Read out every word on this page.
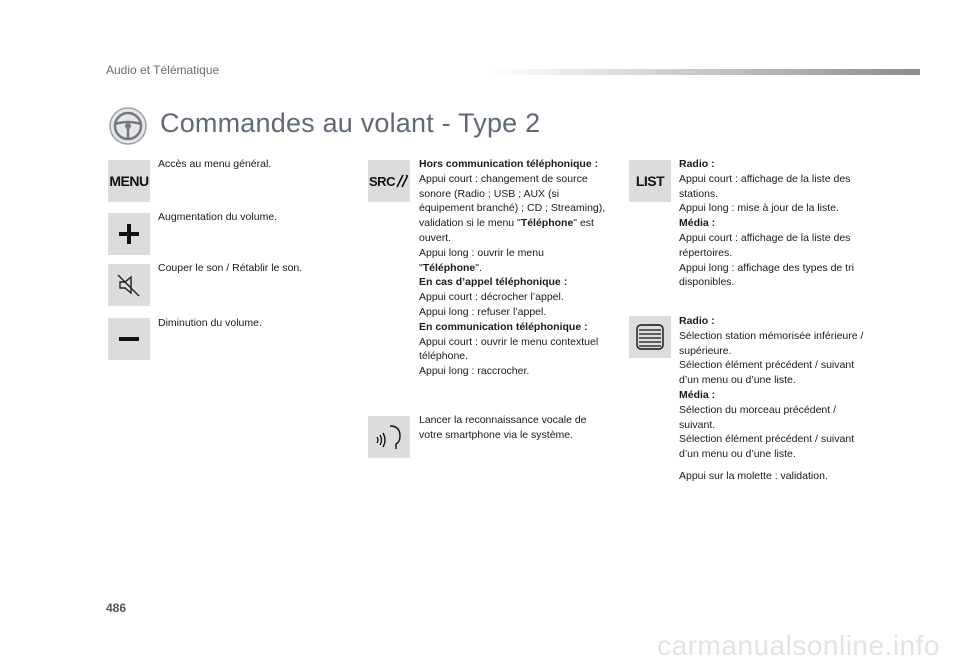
Audio et Télématique
Commandes au volant - Type 2
MENU
Accès au menu général.
Augmentation du volume.
Couper le son / Rétablir le son.
Diminution du volume.
SRC
Hors communication téléphonique :
Appui court : changement de source sonore (Radio ; USB ; AUX (si équipement branché) ; CD ; Streaming), validation si le menu "Téléphone" est ouvert.
Appui long : ouvrir le menu "Téléphone".
En cas d’appel téléphonique :
Appui court : décrocher l’appel.
Appui long : refuser l’appel.
En communication téléphonique :
Appui court : ouvrir le menu contextuel téléphone.
Appui long : raccrocher.
Lancer la reconnaissance vocale de votre smartphone via le système.
LIST
Radio :
Appui court : affichage de la liste des stations.
Appui long : mise à jour de la liste.
Média :
Appui court : affichage de la liste des répertoires.
Appui long : affichage des types de tri disponibles.
Radio :
Sélection station mémorisée inférieure / supérieure.
Sélection élément précédent / suivant d’un menu ou d’une liste.
Média :
Sélection du morceau précédent / suivant.
Sélection élément précédent / suivant d’un menu ou d’une liste.
Appui sur la molette : validation.
486
carmanualsonline.info
